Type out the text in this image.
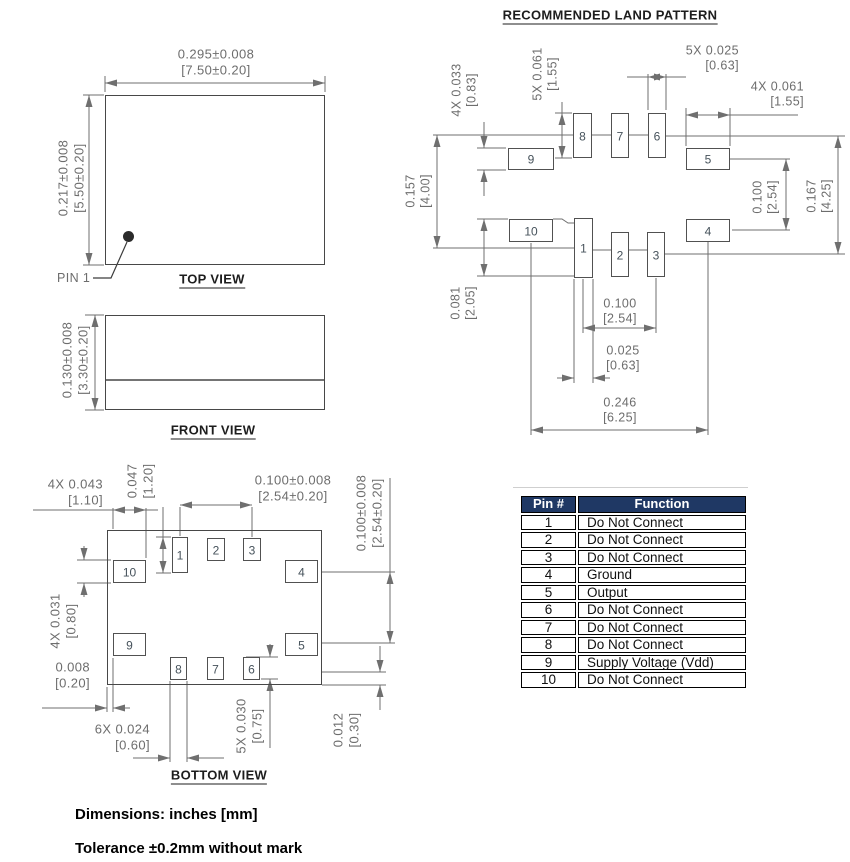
1 2 3
4
5
6
7
8
9
10
1 2 3
4
5
6
7
8
9
10
TOP VIEW
FRONT VIEW
BOTTOM VIEW
RECOMMENDED LAND PATTERN
PIN 1
0.295±0.008
[7.50±0.20]
0.217±0.008 [5.50±0.20]
0.130±0.008 [3.30±0.20]
4X 0.043
[1.10]
0.047 [1.20]	0.100±0.008
[2.54±0.20] 0.100±0.008 [2.54±0.20]
4X 0.031 [0.80]
0.008
[0.20]
6X 0.024
[0.60]	5X 0.030 [0.75]	0.012 [0.30]
4X 0.033 [0.83]	5X 0.061 [1.55]
5X 0.025
[0.63]
4X 0.061
[1.55]
0.157 [4.00]	0.100 [2.54] 0.167 [4.25]
0.081 [2.05]	0.100
[2.54]
0.025
[0.63]
0.246
[6.25]
Pin #	Function
1	Do Not Connect
2	Do Not Connect
3	Do Not Connect
4	Ground
5	Output
6	Do Not Connect
7	Do Not Connect
8	Do Not Connect
9	Supply Voltage (Vdd)
10	Do Not Connect
Dimensions: inches [mm]
Tolerance ±0.2mm without mark
